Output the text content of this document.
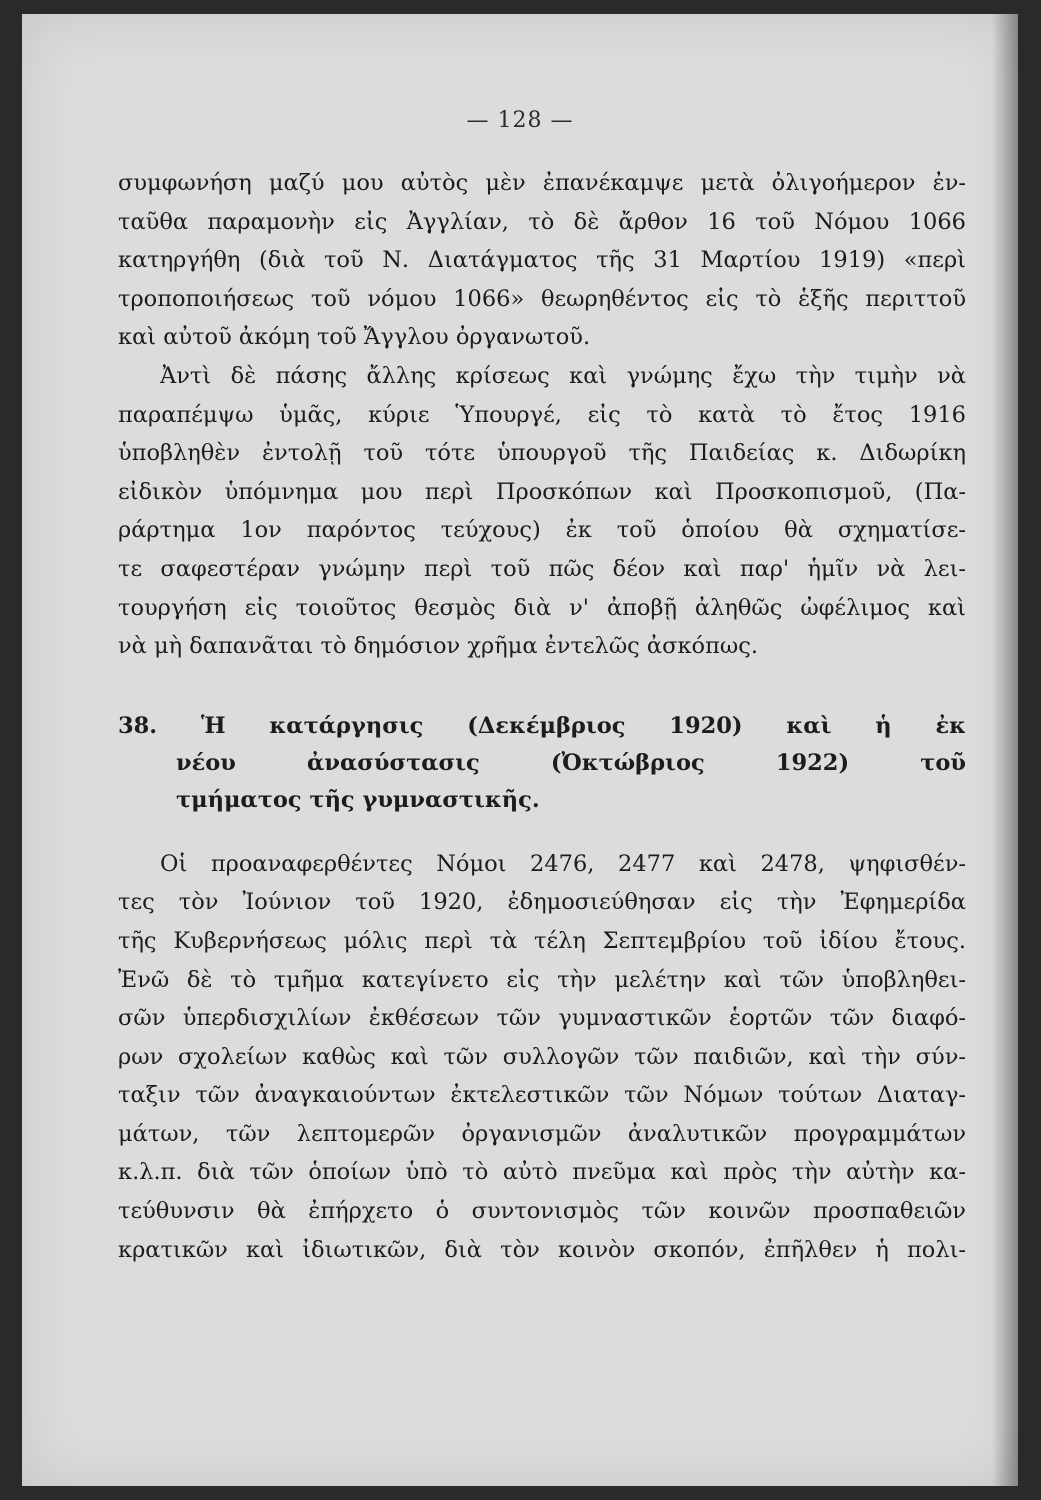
— 128 —
συμφωνήση μαζύ μου αὐτὸς μὲν ἐπανέκαμψε μετὰ ὀλιγοήμερον ἐν-
ταῦθα παραμονὴν εἰς Ἀγγλίαν, τὸ δὲ ἄρθον 16 τοῦ Νόμου 1066
κατηργήθη (διὰ τοῦ Ν. Διατάγματος τῆς 31 Μαρτίου 1919) «περὶ
τροποποιήσεως τοῦ νόμου 1066» θεωρηθέντος εἰς τὸ ἑξῆς περιττοῦ
καὶ αὐτοῦ ἀκόμη τοῦ Ἄγγλου ὀργανωτοῦ.
Ἀντὶ δὲ πάσης ἄλλης κρίσεως καὶ γνώμης ἔχω τὴν τιμὴν νὰ
παραπέμψω ὑμᾶς, κύριε Ὑπουργέ, εἰς τὸ κατὰ τὸ ἔτος 1916
ὑποβληθὲν ἐντολῇ τοῦ τότε ὑπουργοῦ τῆς Παιδείας κ. Διδωρίκη
εἰδικὸν ὑπόμνημα μου περὶ Προσκόπων καὶ Προσκοπισμοῦ, (Πα-
ράρτημα 1ον παρόντος τεύχους) ἐκ τοῦ ὁποίου θὰ σχηματίσε-
τε σαφεστέραν γνώμην περὶ τοῦ πῶς δέον καὶ παρ' ἡμῖν νὰ λει-
τουργήση εἰς τοιοῦτος θεσμὸς διὰ ν' ἀποβῇ ἀληθῶς ὠφέλιμος καὶ
νὰ μὴ δαπανᾶται τὸ δημόσιον χρῆμα ἐντελῶς ἀσκόπως.
38. Ἡ κατάργησις (Δεκέμβριος 1920) καὶ ἡ ἐκ
νέου ἀνασύστασις (Ὀκτώβριος 1922) τοῦ
τμήματος τῆς γυμναστικῆς.
Οἱ προαναφερθέντες Νόμοι 2476, 2477 καὶ 2478, ψηφισθέν-
τες τὸν Ἰούνιον τοῦ 1920, ἐδημοσιεύθησαν εἰς τὴν Ἐφημερίδα
τῆς Κυβερνήσεως μόλις περὶ τὰ τέλη Σεπτεμβρίου τοῦ ἰδίου ἔτους.
Ἐνῶ δὲ τὸ τμῆμα κατεγίνετο εἰς τὴν μελέτην καὶ τῶν ὑποβληθει-
σῶν ὑπερδισχιλίων ἐκθέσεων τῶν γυμναστικῶν ἑορτῶν τῶν διαφό-
ρων σχολείων καθὼς καὶ τῶν συλλογῶν τῶν παιδιῶν, καὶ τὴν σύν-
ταξιν τῶν ἀναγκαιούντων ἐκτελεστικῶν τῶν Νόμων τούτων Διαταγ-
μάτων, τῶν λεπτομερῶν ὀργανισμῶν ἀναλυτικῶν προγραμμάτων
κ.λ.π. διὰ τῶν ὁποίων ὑπὸ τὸ αὐτὸ πνεῦμα καὶ πρὸς τὴν αὐτὴν κα-
τεύθυνσιν θὰ ἐπήρχετο ὁ συντονισμὸς τῶν κοινῶν προσπαθειῶν
κρατικῶν καὶ ἰδιωτικῶν, διὰ τὸν κοινὸν σκοπόν, ἐπῆλθεν ἡ πολι-
